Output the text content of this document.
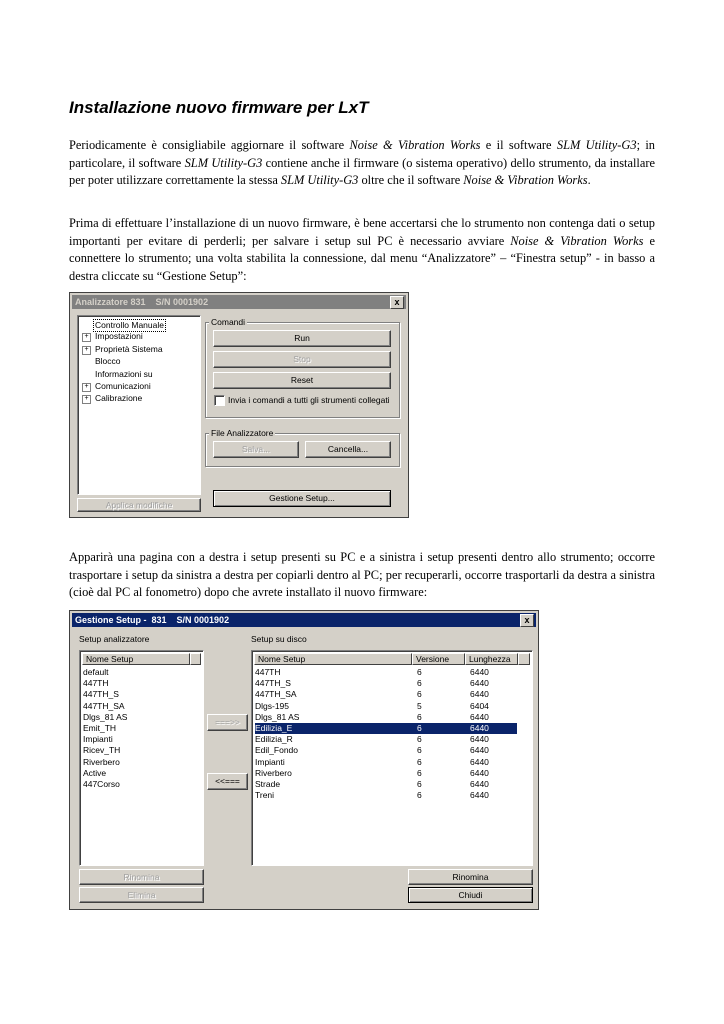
Installazione nuovo firmware per LxT

Periodicamente è consigliabile aggiornare il software Noise & Vibration Works e il software SLM Utility-G3; in particolare, il software SLM Utility-G3 contiene anche il firmware (o sistema operativo) dello strumento, da installare per poter utilizzare correttamente la stessa SLM Utility-G3 oltre che il software Noise & Vibration Works.

Prima di effettuare l’installazione di un nuovo firmware, è bene accertarsi che lo strumento non contenga dati o setup importanti per evitare di perderli; per salvare i setup sul PC è necessario avviare Noise & Vibration Works e connettere lo strumento; una volta stabilita la connessione, dal menu “Analizzatore” – “Finestra setup” - in basso a destra cliccate su “Gestione Setup”:

Analizzatore 831    S/N 0001902	x
Controllo Manuale
+ Impostazioni
+ Proprietà Sistema
Blocco
Informazioni su
+ Comunicazioni
+ Calibrazione
Applica modifiche
Comandi
Run
Stop
Reset
Invia i comandi a tutti gli strumenti collegati
File Analizzatore
Salva...	Cancella...
Gestione Setup...

Apparirà una pagina con a destra i setup presenti su PC e a sinistra i setup presenti dentro allo strumento; occorre trasportare i setup da sinistra a destra per copiarli dentro al PC; per recuperarli, occorre trasportarli da destra a sinistra (cioè dal PC al fonometro) dopo che avrete installato il nuovo firmware:

Gestione Setup -  831    S/N 0001902	x
Setup analizzatore	Setup su disco
Nome Setup
default
447TH
447TH_S
447TH_SA
Dlgs_81 AS
Emit_TH
Impianti
Ricev_TH
Riverbero
Active
447Corso
===>>
<<===
Nome Setup	Versione	Lunghezza
447TH	6	6440
447TH_S	6	6440
447TH_SA	6	6440
Dlgs-195	5	6404
Dlgs_81 AS	6	6440
Edilizia_E	6	6440
Edilizia_R	6	6440
Edil_Fondo	6	6440
Impianti	6	6440
Riverbero	6	6440
Strade	6	6440
Treni	6	6440
Rinomina
Elimina
Rinomina
Chiudi
